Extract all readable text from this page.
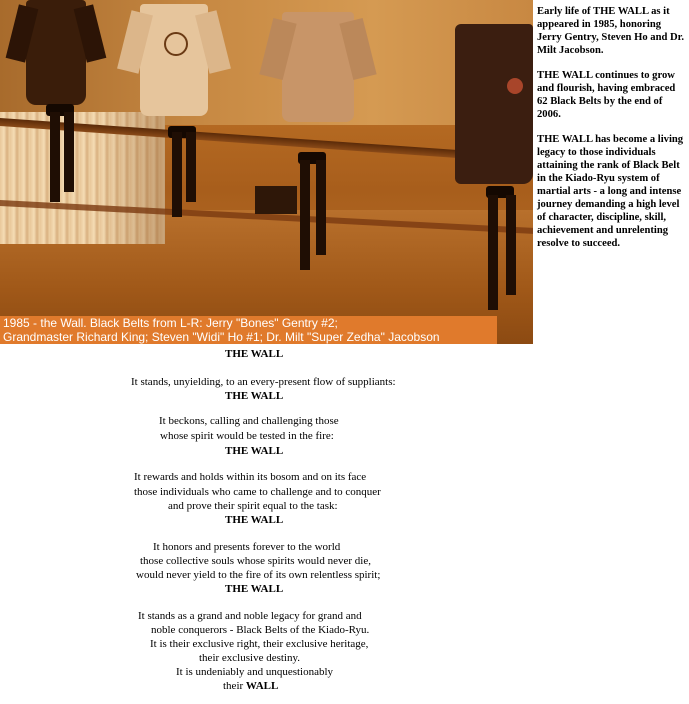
1985 - the Wall. Black Belts from L-R: Jerry "Bones" Gentry #2;
Grandmaster Richard King; Steven "Widi" Ho #1; Dr. Milt "Super Zedha" Jacobson

Early life of THE WALL as it appeared in 1985, honoring Jerry Gentry, Steven Ho and Dr. Milt Jacobson.

THE WALL continues to grow and flourish, having embraced 62 Black Belts by the end of 2006.

THE WALL has become a living legacy to those individuals attaining the rank of Black Belt in the Kiado-Ryu system of martial arts - a long and intense journey demanding a high level of character, discipline, skill, achievement and unrelenting resolve to succeed.

THE WALL
It stands, unyielding, to an every-present flow of suppliants:
THE WALL
It beckons, calling and challenging those
whose spirit would be tested in the fire:
THE WALL
It rewards and holds within its bosom and on its face
those individuals who came to challenge and to conquer
and prove their spirit equal to the task:
THE WALL
It honors and presents forever to the world
those collective souls whose spirits would never die,
would never yield to the fire of its own relentless spirit;
THE WALL
It stands as a grand and noble legacy for grand and
noble conquerors - Black Belts of the Kiado-Ryu.
It is their exclusive right, their exclusive heritage,
their exclusive destiny.
It is undeniably and unquestionably
their WALL
